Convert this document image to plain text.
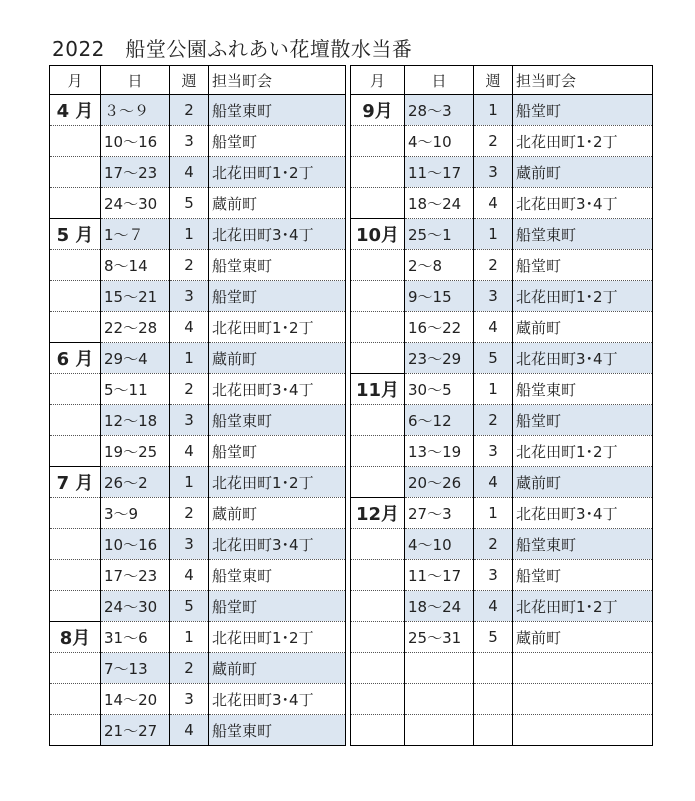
2022　船堂公園ふれあい花壇散水当番
月	日	週	担当町会
4 月	３～９	2	船堂東町
	10～16	3	船堂町
	17～23	4	北花田町1･2丁
	24～30	5	蔵前町
5 月	1～７	1	北花田町3･4丁
	8～14	2	船堂東町
	15～21	3	船堂町
	22～28	4	北花田町1･2丁
6 月	29～4	1	蔵前町
	5～11	2	北花田町3･4丁
	12～18	3	船堂東町
	19～25	4	船堂町
7 月	26～2	1	北花田町1･2丁
	3～9	2	蔵前町
	10～16	3	北花田町3･4丁
	17～23	4	船堂東町
	24～30	5	船堂町
8月	31～6	1	北花田町1･2丁
	7～13	2	蔵前町
	14～20	3	北花田町3･4丁
	21～27	4	船堂東町
月	日	週	担当町会
9月	28～3	1	船堂町
	4～10	2	北花田町1･2丁
	11～17	3	蔵前町
	18～24	4	北花田町3･4丁
10月	25～1	1	船堂東町
	2～8	2	船堂町
	9～15	3	北花田町1･2丁
	16～22	4	蔵前町
	23～29	5	北花田町3･4丁
11月	30～5	1	船堂東町
	6～12	2	船堂町
	13～19	3	北花田町1･2丁
	20～26	4	蔵前町
12月	27～3	1	北花田町3･4丁
	4～10	2	船堂東町
	11～17	3	船堂町
	18～24	4	北花田町1･2丁
	25～31	5	蔵前町
